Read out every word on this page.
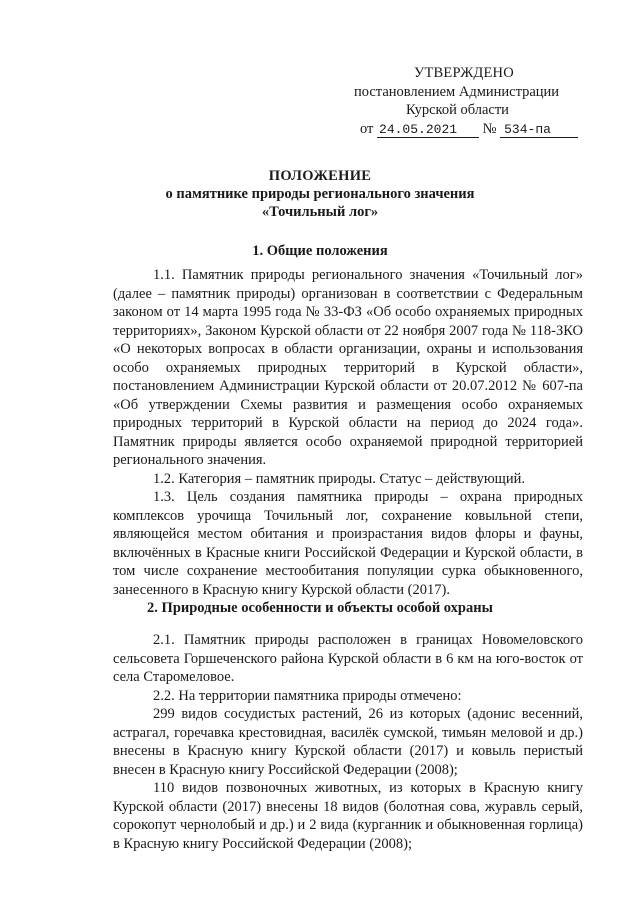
УТВЕРЖДЕНО
постановлением Администрации
Курской области
от 24.05.2021 № 534-па
ПОЛОЖЕНИЕ
о памятнике природы регионального значения
«Точильный лог»
1. Общие положения

1.1. Памятник природы регионального значения «Точильный лог» (далее – памятник природы) организован в соответствии с Федеральным законом от 14 марта 1995 года № 33-ФЗ «Об особо охраняемых природных территориях», Законом Курской области от 22 ноября 2007 года № 118-ЗКО «О некоторых вопросах в области организации, охраны и использования особо охраняемых природных территорий в Курской области», постановлением Администрации Курской области от 20.07.2012 № 607-па «Об утверждении Схемы развития и размещения особо охраняемых природных территорий в Курской области на период до 2024 года». Памятник природы является особо охраняемой природной территорией регионального значения.

1.2. Категория – памятник природы. Статус – действующий.

1.3. Цель создания памятника природы – охрана природных комплексов урочища Точильный лог, сохранение ковыльной степи, являющейся местом обитания и произрастания видов флоры и фауны, включённых в Красные книги Российской Федерации и Курской области, в том числе сохранение местообитания популяции сурка обыкновенного, занесенного в Красную книгу Курской области (2017).

2. Природные особенности и объекты особой охраны

2.1. Памятник природы расположен в границах Новомеловского сельсовета Горшеченского района Курской области в 6 км на юго-восток от села Старомеловое.

2.2. На территории памятника природы отмечено:

299 видов сосудистых растений, 26 из которых (адонис весенний, астрагал, горечавка крестовидная, василёк сумской, тимьян меловой и др.) внесены в Красную книгу Курской области (2017) и ковыль перистый внесен в Красную книгу Российской Федерации (2008);

110 видов позвоночных животных, из которых в Красную книгу Курской области (2017) внесены 18 видов (болотная сова, журавль серый, сорокопут чернолобый и др.) и 2 вида (курганник и обыкновенная горлица) в Красную книгу Российской Федерации (2008);
